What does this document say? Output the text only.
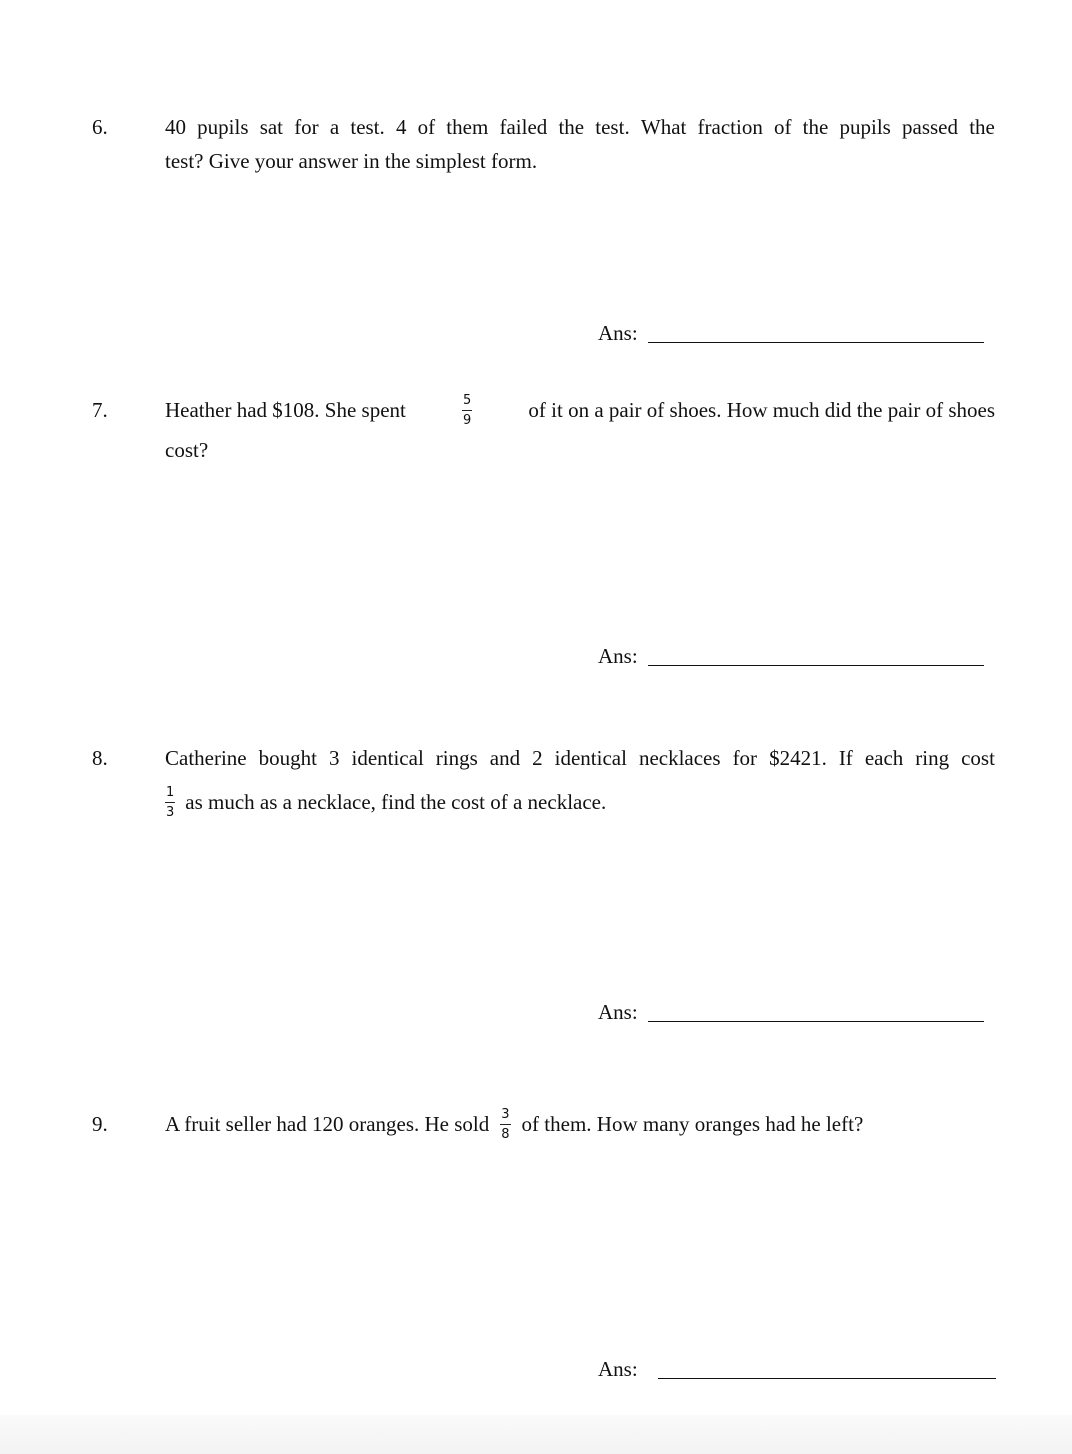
6.	40 pupils sat for a test. 4 of them failed the test. What fraction of the pupils passed the
test? Give your answer in the simplest form.
Ans:
7.	Heather had $108. She spent	$\frac{5}{9}$	of it on a pair of shoes. How much did the pair of shoes
cost?
Ans:
8.	Catherine bought 3 identical rings and 2 identical necklaces for $2421. If each ring cost
$\frac{1}{3}$ as much as a necklace, find the cost of a necklace.
Ans:
9.	A fruit seller had 120 oranges. He sold $\frac{3}{8}$ of them. How many oranges had he left?
Ans:
